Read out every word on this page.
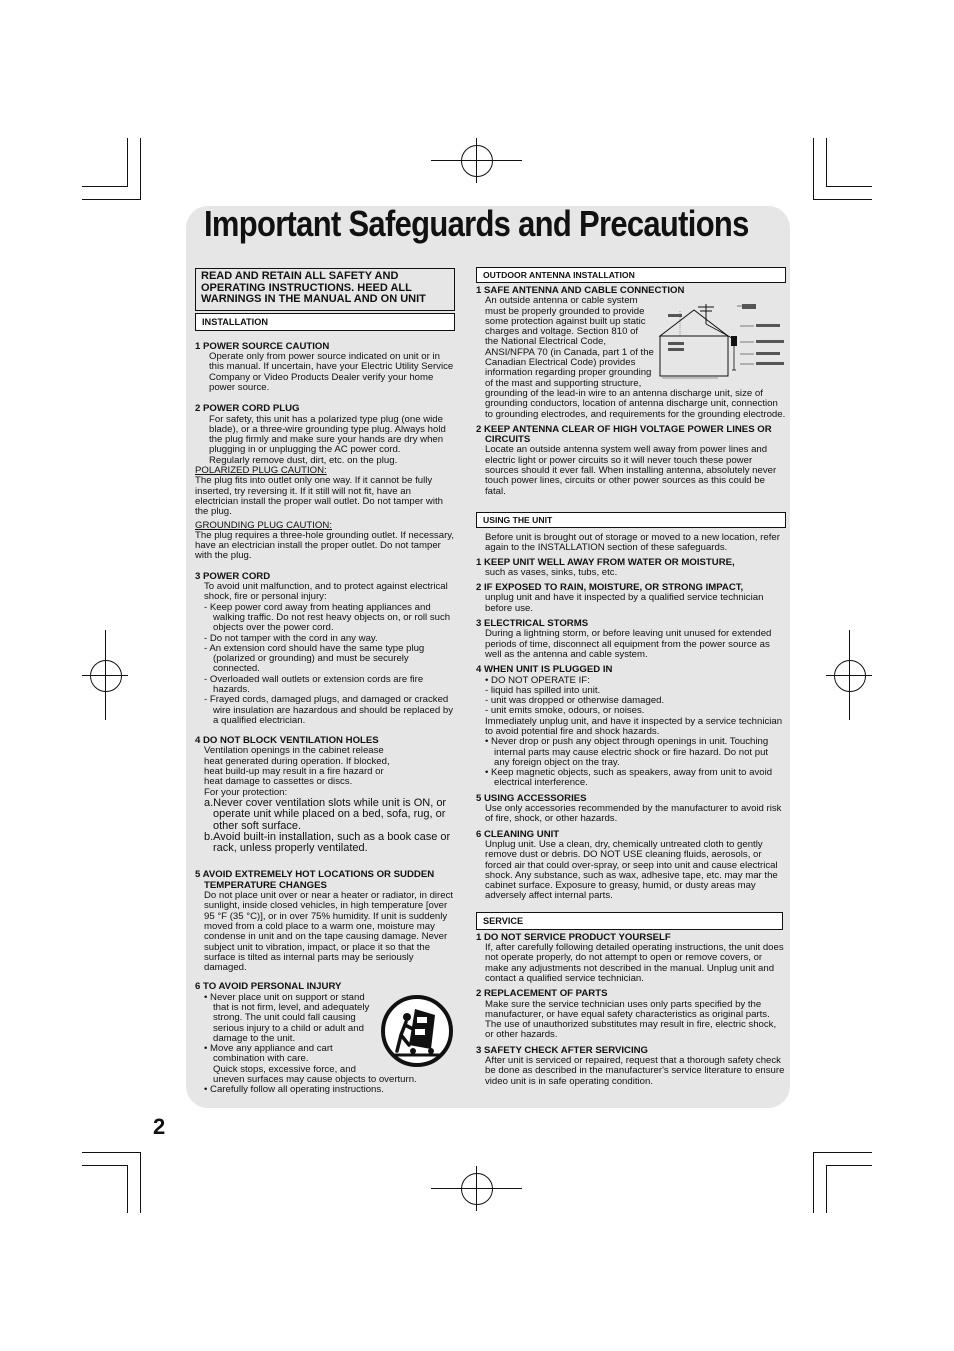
Important Safeguards and Precautions
2
READ AND RETAIN ALL SAFETY AND OPERATING INSTRUCTIONS. HEED ALL WARNINGS IN THE MANUAL AND ON UNIT
INSTALLATION
1 POWER SOURCE CAUTION
Operate only from power source indicated on unit or in this manual. If uncertain, have your Electric Utility Service Company or Video Products Dealer verify your home power source.
2 POWER CORD PLUG
For safety, this unit has a polarized type plug (one wide blade), or a three-wire grounding type plug. Always hold the plug firmly and make sure your hands are dry when plugging in or unplugging the AC power cord.
Regularly remove dust, dirt, etc. on the plug.
POLARIZED PLUG CAUTION:
The plug fits into outlet only one way. If it cannot be fully inserted, try reversing it. If it still will not fit, have an electrician install the proper wall outlet. Do not tamper with the plug.
GROUNDING PLUG CAUTION:
The plug requires a three-hole grounding outlet. If necessary, have an electrician install the proper outlet. Do not tamper with the plug.
3 POWER CORD
To avoid unit malfunction, and to protect against electrical shock, fire or personal injury:
- Keep power cord away from heating appliances and walking traffic. Do not rest heavy objects on, or roll such objects over the power cord.
- Do not tamper with the cord in any way.
- An extension cord should have the same type plug (polarized or grounding) and must be securely connected.
- Overloaded wall outlets or extension cords are fire hazards.
- Frayed cords, damaged plugs, and damaged or cracked wire insulation are hazardous and should be replaced by a qualified electrician.
4 DO NOT BLOCK VENTILATION HOLES
Ventilation openings in the cabinet release heat generated during operation. If blocked, heat build-up may result in a fire hazard or heat damage to cassettes or discs.
For your protection:
a.Never cover ventilation slots while unit is ON, or operate unit while placed on a bed, sofa, rug, or other soft surface.
b.Avoid built-in installation, such as a book case or rack, unless properly ventilated.
5 AVOID EXTREMELY HOT LOCATIONS OR SUDDEN TEMPERATURE CHANGES
Do not place unit over or near a heater or radiator, in direct sunlight, inside closed vehicles, in high temperature [over 95 °F (35 °C)], or in over 75% humidity. If unit is suddenly moved from a cold place to a warm one, moisture may condense in unit and on the tape causing damage. Never subject unit to vibration, impact, or place it so that the surface is tilted as internal parts may be seriously damaged.
6 TO AVOID PERSONAL INJURY
• Never place unit on support or stand that is not firm, level, and adequately strong. The unit could fall causing serious injury to a child or adult and damage to the unit.
• Move any appliance and cart combination with care.
Quick stops, excessive force, and uneven surfaces may cause objects to overturn.
• Carefully follow all operating instructions.
OUTDOOR ANTENNA INSTALLATION
1 SAFE ANTENNA AND CABLE CONNECTION
An outside antenna or cable system must be properly grounded to provide some protection against built up static charges and voltage. Section 810 of the National Electrical Code, ANSI/NFPA 70 (in Canada, part 1 of the Canadian Electrical Code) provides information regarding proper grounding of the mast and supporting structure, grounding of the lead-in wire to an antenna discharge unit, size of grounding conductors, location of antenna discharge unit, connection to grounding electrodes, and requirements for the grounding electrode.
2 KEEP ANTENNA CLEAR OF HIGH VOLTAGE POWER LINES OR CIRCUITS
Locate an outside antenna system well away from power lines and electric light or power circuits so it will never touch these power sources should it ever fall. When installing antenna, absolutely never touch power lines, circuits or other power sources as this could be fatal.
USING THE UNIT
Before unit is brought out of storage or moved to a new location, refer again to the INSTALLATION section of these safeguards.
1 KEEP UNIT WELL AWAY FROM WATER OR MOISTURE,
such as vases, sinks, tubs, etc.
2 IF EXPOSED TO RAIN, MOISTURE, OR STRONG IMPACT,
unplug unit and have it inspected by a qualified service technician before use.
3 ELECTRICAL STORMS
During a lightning storm, or before leaving unit unused for extended periods of time, disconnect all equipment from the power source as well as the antenna and cable system.
4 WHEN UNIT IS PLUGGED IN
• DO NOT OPERATE IF:
- liquid has spilled into unit.
- unit was dropped or otherwise damaged.
- unit emits smoke, odours, or noises.
Immediately unplug unit, and have it inspected by a service technician to avoid potential fire and shock hazards.
• Never drop or push any object through openings in unit. Touching internal parts may cause electric shock or fire hazard. Do not put any foreign object on the tray.
• Keep magnetic objects, such as speakers, away from unit to avoid electrical interference.
5 USING ACCESSORIES
Use only accessories recommended by the manufacturer to avoid risk of fire, shock, or other hazards.
6 CLEANING UNIT
Unplug unit. Use a clean, dry, chemically untreated cloth to gently remove dust or debris. DO NOT USE cleaning fluids, aerosols, or forced air that could over-spray, or seep into unit and cause electrical shock. Any substance, such as wax, adhesive tape, etc. may mar the cabinet surface. Exposure to greasy, humid, or dusty areas may adversely affect internal parts.
SERVICE
1 DO NOT SERVICE PRODUCT YOURSELF
If, after carefully following detailed operating instructions, the unit does not operate properly, do not attempt to open or remove covers, or make any adjustments not described in the manual. Unplug unit and contact a qualified service technician.
2 REPLACEMENT OF PARTS
Make sure the service technician uses only parts specified by the manufacturer, or have equal safety characteristics as original parts. The use of unauthorized substitutes may result in fire, electric shock, or other hazards.
3 SAFETY CHECK AFTER SERVICING
After unit is serviced or repaired, request that a thorough safety check be done as described in the manufacturer's service literature to ensure video unit is in safe operating condition.
